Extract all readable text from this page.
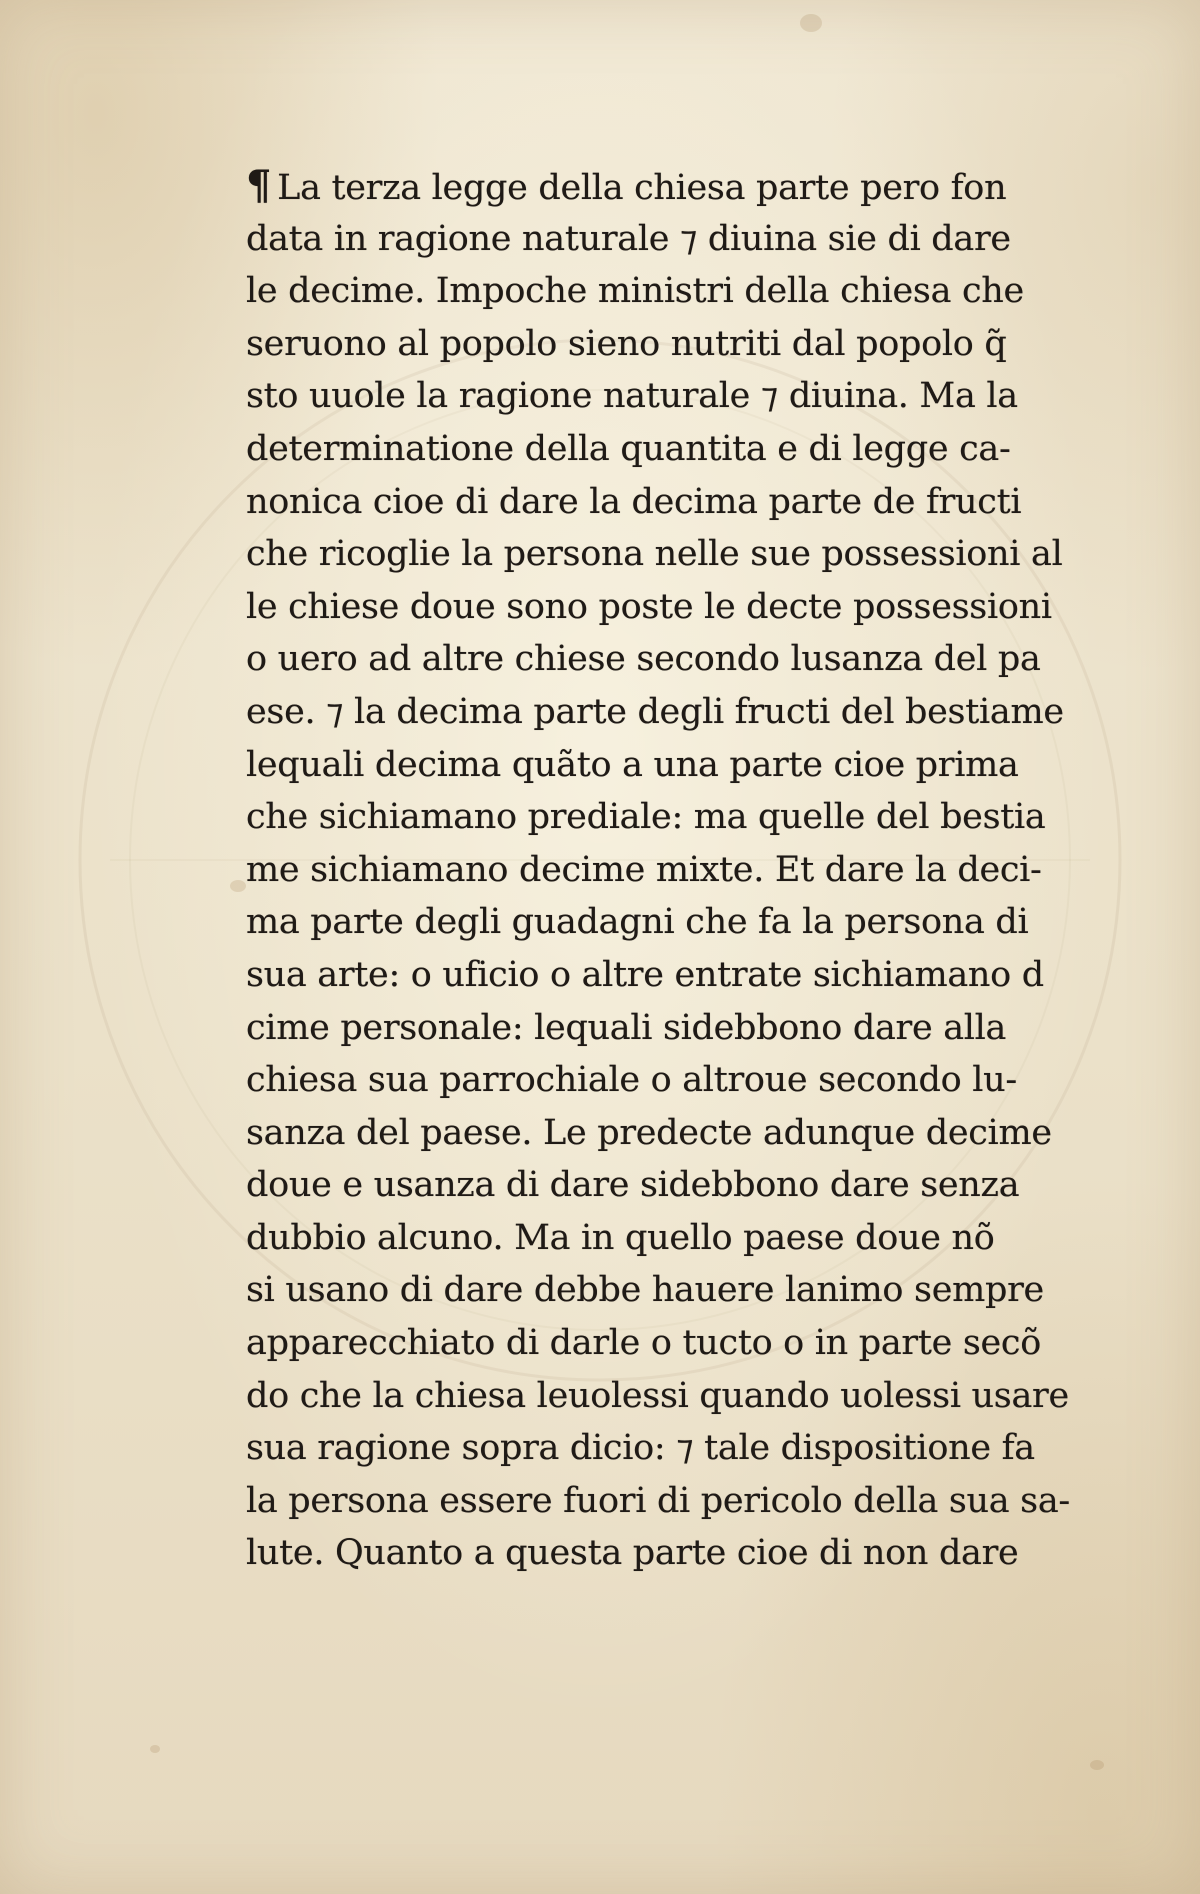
¶ La terza legge della chiesa parte pero fon
data in ragione naturale ⁊ diuina sie di dare
le decime. Impoche ministri della chiesa che
seruono al popolo sieno nutriti dal popolo q̃
sto uuole la ragione naturale ⁊ diuina. Ma la
determinatione della quantita e di legge ca-
nonica cioe di dare la decima parte de fructi
che ricoglie la persona nelle sue possessioni al
le chiese doue sono poste le decte possessioni
o uero ad altre chiese secondo lusanza del pa
ese. ⁊ la decima parte degli fructi del bestiame
lequali decima quãto a una parte cioe prima
che sichiamano prediale: ma quelle del bestia
me sichiamano decime mixte. Et dare la deci-
ma parte degli guadagni che fa la persona di
sua arte: o uficio o altre entrate sichiamano d
cime personale: lequali sidebbono dare alla
chiesa sua parrochiale o altroue secondo lu-
sanza del paese. Le predecte adunque decime
doue e usanza di dare sidebbono dare senza
dubbio alcuno. Ma in quello paese doue nõ
si usano di dare debbe hauere lanimo sempre
apparecchiato di darle o tucto o in parte secõ
do che la chiesa leuolessi quando uolessi usare
sua ragione sopra dicio: ⁊ tale dispositione fa
la persona essere fuori di pericolo della sua sa-
lute. Quanto a questa parte cioe di non dare
